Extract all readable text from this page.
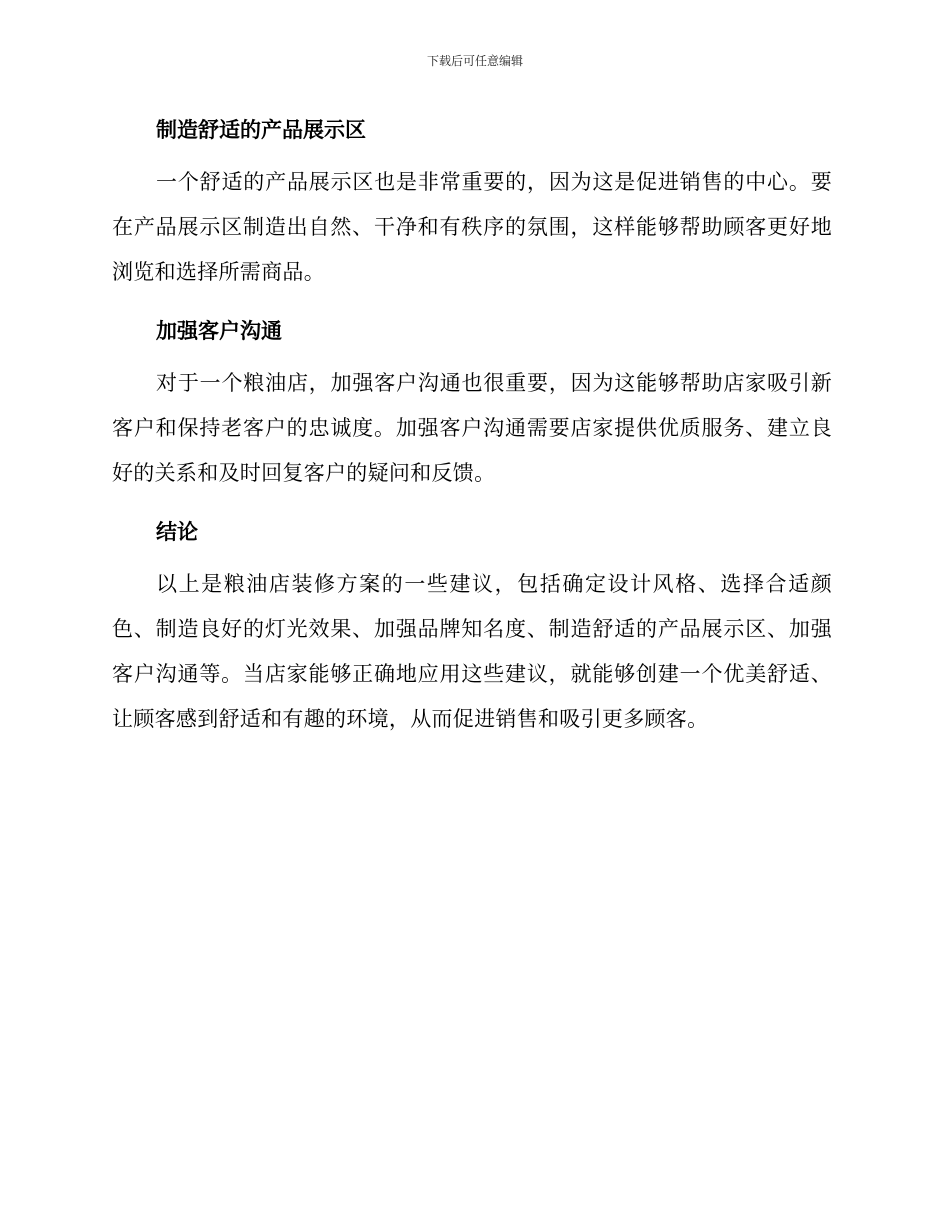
下载后可任意编辑
制造舒适的产品展示区

一个舒适的产品展示区也是非常重要的，因为这是促进销售的中心。要在产品展示区制造出自然、干净和有秩序的氛围，这样能够帮助顾客更好地浏览和选择所需商品。

加强客户沟通

对于一个粮油店，加强客户沟通也很重要，因为这能够帮助店家吸引新客户和保持老客户的忠诚度。加强客户沟通需要店家提供优质服务、建立良好的关系和及时回复客户的疑问和反馈。

结论

以上是粮油店装修方案的一些建议，包括确定设计风格、选择合适颜色、制造良好的灯光效果、加强品牌知名度、制造舒适的产品展示区、加强客户沟通等。当店家能够正确地应用这些建议，就能够创建一个优美舒适、让顾客感到舒适和有趣的环境，从而促进销售和吸引更多顾客。
